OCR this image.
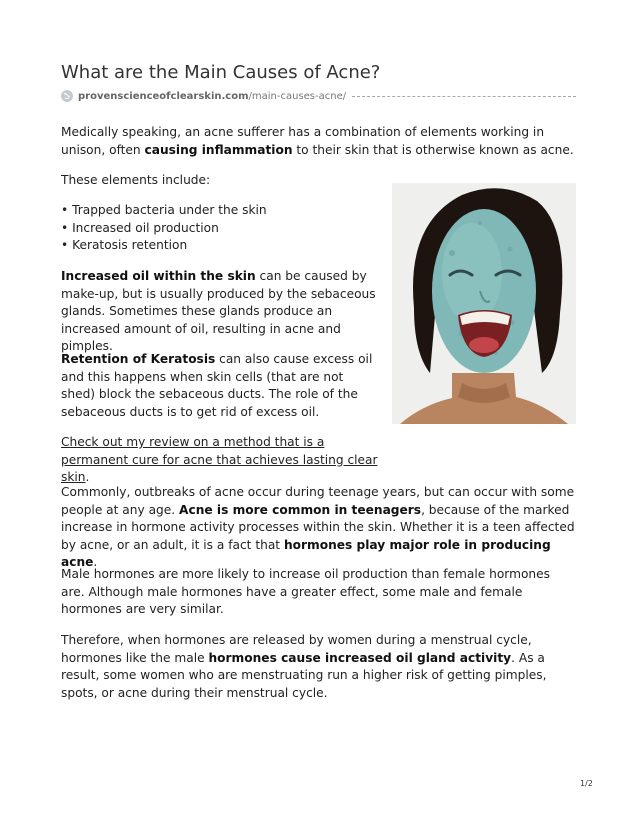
What are the Main Causes of Acne?
provenscienceofclearskin.com /main-causes-acne/

Medically speaking, an acne sufferer has a combination of elements working in unison, often causing inflammation to their skin that is otherwise known as acne.

These elements include:

• Trapped bacteria under the skin
• Increased oil production
• Keratosis retention

Increased oil within the skin can be caused by make-up, but is usually produced by the sebaceous glands. Sometimes these glands produce an increased amount of oil, resulting in acne and pimples.

Retention of Keratosis can also cause excess oil and this happens when skin cells (that are not shed) block the sebaceous ducts. The role of the sebaceous ducts is to get rid of excess oil.

Check out my review on a method that is a permanent cure for acne that achieves lasting clear skin.

Commonly, outbreaks of acne occur during teenage years, but can occur with some people at any age. Acne is more common in teenagers, because of the marked increase in hormone activity processes within the skin. Whether it is a teen affected by acne, or an adult, it is a fact that hormones play major role in producing acne.

Male hormones are more likely to increase oil production than female hormones are. Although male hormones have a greater effect, some male and female hormones are very similar.

Therefore, when hormones are released by women during a menstrual cycle, hormones like the male hormones cause increased oil gland activity. As a result, some women who are menstruating run a higher risk of getting pimples, spots, or acne during their menstrual cycle.

1/2
